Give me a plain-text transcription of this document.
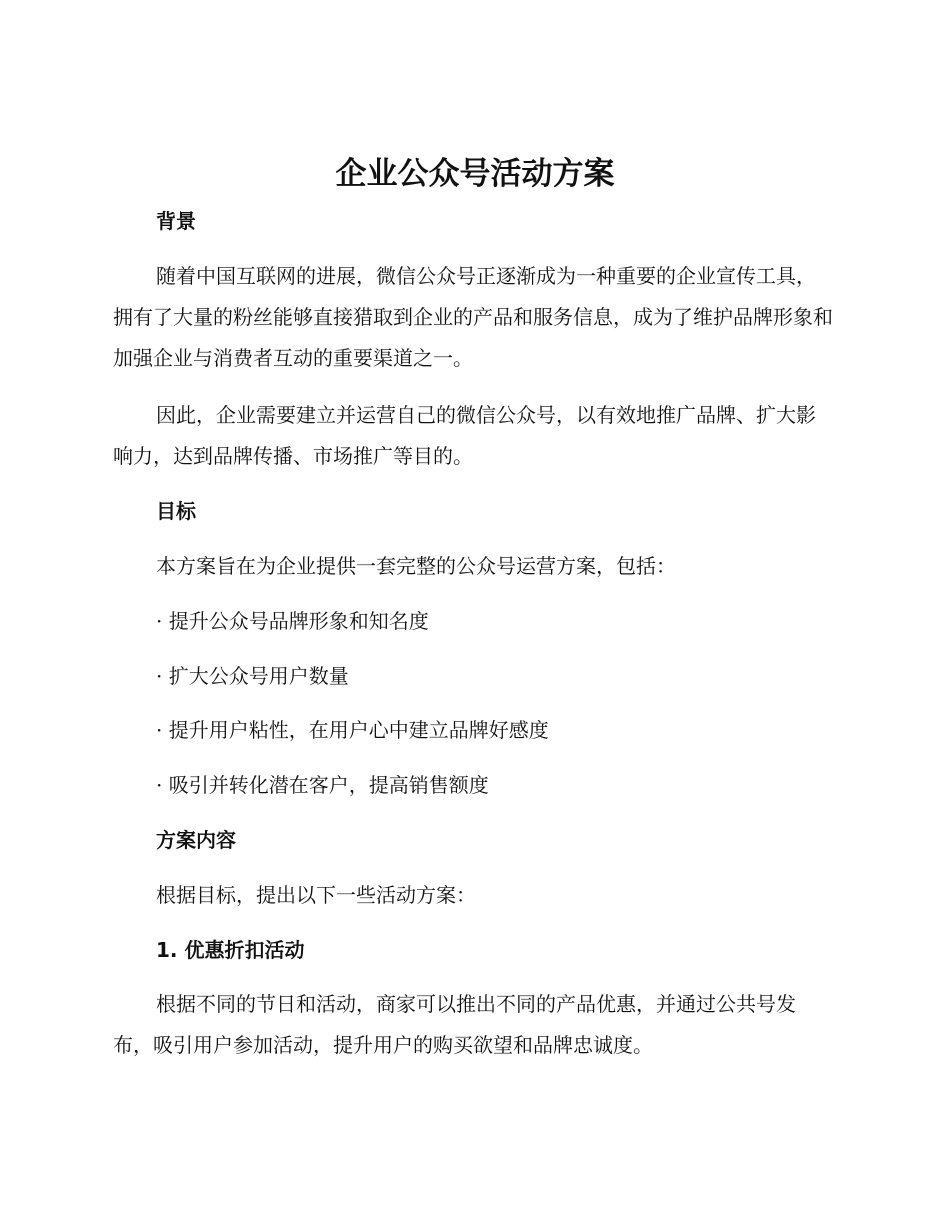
企业公众号活动方案
背景

随着中国互联网的进展，微信公众号正逐渐成为一种重要的企业宣传工具，拥有了大量的粉丝能够直接猎取到企业的产品和服务信息，成为了维护品牌形象和加强企业与消费者互动的重要渠道之一。

因此，企业需要建立并运营自己的微信公众号，以有效地推广品牌、扩大影响力，达到品牌传播、市场推广等目的。

目标

本方案旨在为企业提供一套完整的公众号运营方案，包括：

· 提升公众号品牌形象和知名度

· 扩大公众号用户数量

· 提升用户粘性，在用户心中建立品牌好感度

· 吸引并转化潜在客户，提高销售额度

方案内容

根据目标，提出以下一些活动方案：

1. 优惠折扣活动

根据不同的节日和活动，商家可以推出不同的产品优惠，并通过公共号发布，吸引用户参加活动，提升用户的购买欲望和品牌忠诚度。
